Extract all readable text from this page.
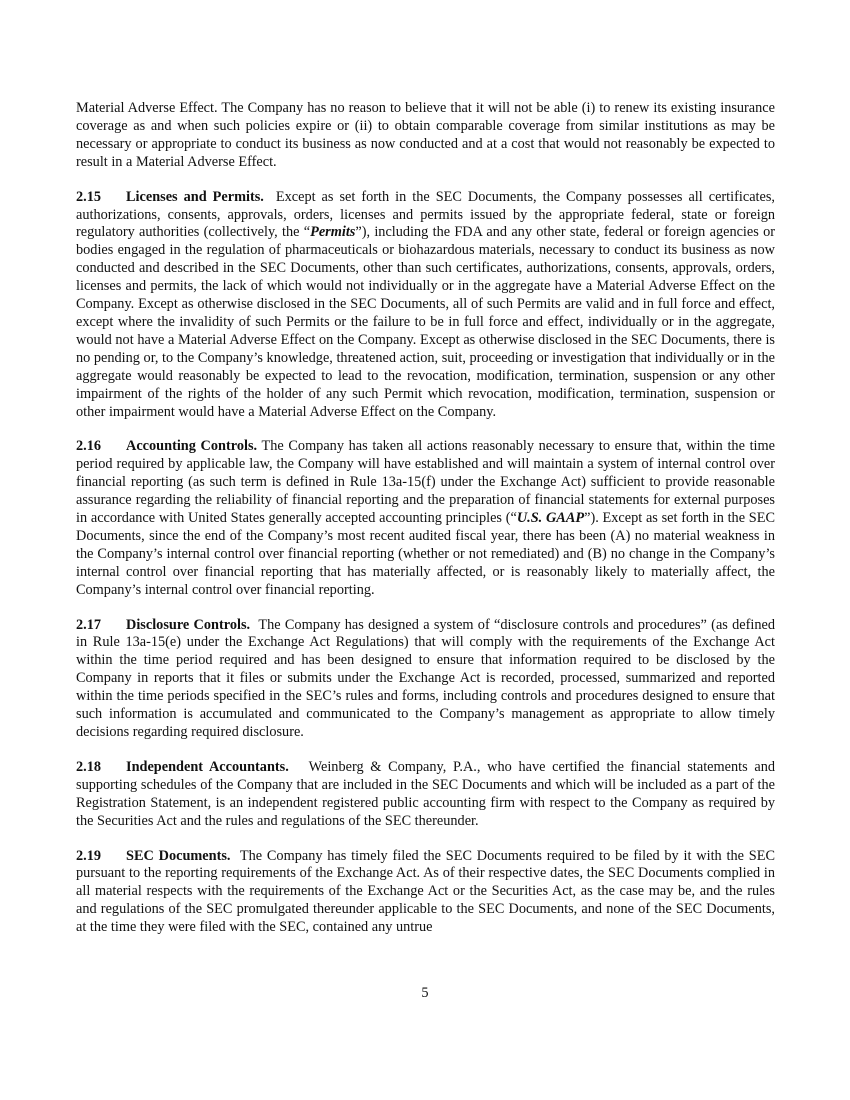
Material Adverse Effect. The Company has no reason to believe that it will not be able (i) to renew its existing insurance coverage as and when such policies expire or (ii) to obtain comparable coverage from similar institutions as may be necessary or appropriate to conduct its business as now conducted and at a cost that would not reasonably be expected to result in a Material Adverse Effect.

2.15 Licenses and Permits. Except as set forth in the SEC Documents, the Company possesses all certificates, authorizations, consents, approvals, orders, licenses and permits issued by the appropriate federal, state or foreign regulatory authorities (collectively, the “Permits”), including the FDA and any other state, federal or foreign agencies or bodies engaged in the regulation of pharmaceuticals or biohazardous materials, necessary to conduct its business as now conducted and described in the SEC Documents, other than such certificates, authorizations, consents, approvals, orders, licenses and permits, the lack of which would not individually or in the aggregate have a Material Adverse Effect on the Company. Except as otherwise disclosed in the SEC Documents, all of such Permits are valid and in full force and effect, except where the invalidity of such Permits or the failure to be in full force and effect, individually or in the aggregate, would not have a Material Adverse Effect on the Company. Except as otherwise disclosed in the SEC Documents, there is no pending or, to the Company’s knowledge, threatened action, suit, proceeding or investigation that individually or in the aggregate would reasonably be expected to lead to the revocation, modification, termination, suspension or any other impairment of the rights of the holder of any such Permit which revocation, modification, termination, suspension or other impairment would have a Material Adverse Effect on the Company.

2.16 Accounting Controls. The Company has taken all actions reasonably necessary to ensure that, within the time period required by applicable law, the Company will have established and will maintain a system of internal control over financial reporting (as such term is defined in Rule 13a-15(f) under the Exchange Act) sufficient to provide reasonable assurance regarding the reliability of financial reporting and the preparation of financial statements for external purposes in accordance with United States generally accepted accounting principles (“U.S. GAAP”). Except as set forth in the SEC Documents, since the end of the Company’s most recent audited fiscal year, there has been (A) no material weakness in the Company’s internal control over financial reporting (whether or not remediated) and (B) no change in the Company’s internal control over financial reporting that has materially affected, or is reasonably likely to materially affect, the Company’s internal control over financial reporting.

2.17 Disclosure Controls. The Company has designed a system of “disclosure controls and procedures” (as defined in Rule 13a-15(e) under the Exchange Act Regulations) that will comply with the requirements of the Exchange Act within the time period required and has been designed to ensure that information required to be disclosed by the Company in reports that it files or submits under the Exchange Act is recorded, processed, summarized and reported within the time periods specified in the SEC’s rules and forms, including controls and procedures designed to ensure that such information is accumulated and communicated to the Company’s management as appropriate to allow timely decisions regarding required disclosure.

2.18 Independent Accountants. Weinberg & Company, P.A., who have certified the financial statements and supporting schedules of the Company that are included in the SEC Documents and which will be included as a part of the Registration Statement, is an independent registered public accounting firm with respect to the Company as required by the Securities Act and the rules and regulations of the SEC thereunder.

2.19 SEC Documents. The Company has timely filed the SEC Documents required to be filed by it with the SEC pursuant to the reporting requirements of the Exchange Act. As of their respective dates, the SEC Documents complied in all material respects with the requirements of the Exchange Act or the Securities Act, as the case may be, and the rules and regulations of the SEC promulgated thereunder applicable to the SEC Documents, and none of the SEC Documents, at the time they were filed with the SEC, contained any untrue

5
